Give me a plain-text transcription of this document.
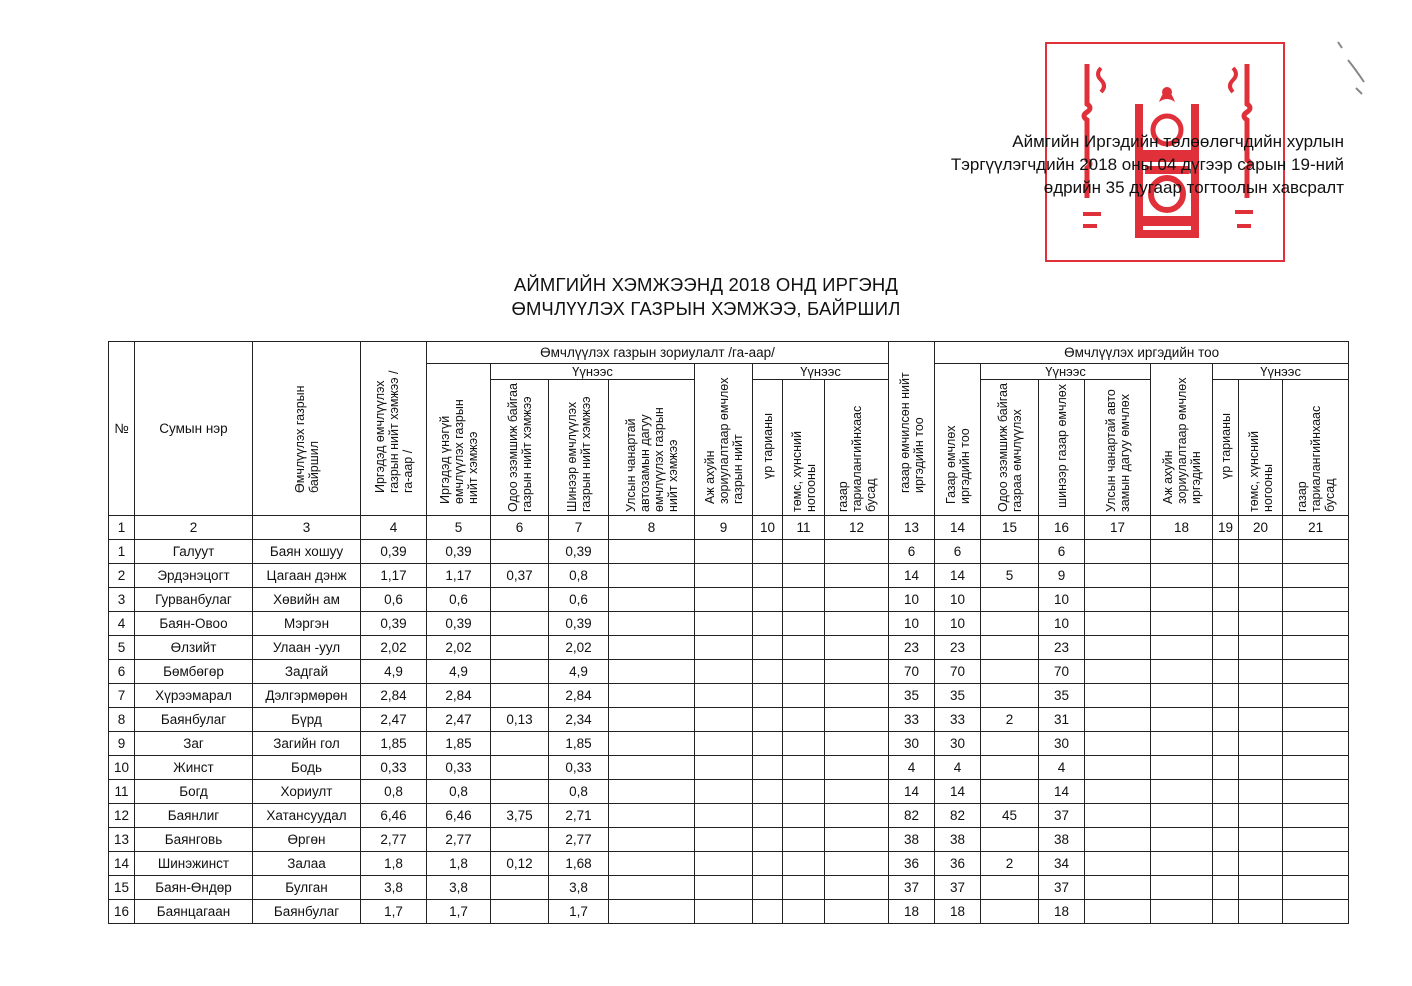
Аймгийн Иргэдийн төлөөлөгчдийн хурлын
Тэргүүлэгчдийн 2018 оны 04 дүгээр сарын 19-ний
өдрийн 35 дугаар тогтоолын хавсралт
АЙМГИЙН ХЭМЖЭЭНД 2018 ОНД ИРГЭНД
ӨМЧЛҮҮЛЭХ ГАЗРЫН ХЭМЖЭЭ, БАЙРШИЛ
№	Сумын нэр	Өмчлүүлэх газрын байршил	Иргэдэд өмчлүүлэх газрын нийт хэмжээ /га-аар /	Өмчлүүлэх газрын зориулалт /га-аар/								газар өмчилсөн нийт иргэдийн тоо	Өмчлүүлэх иргэдийн тоо							
				Иргэдэд үнэгүй өмчлүүлэх газрын нийт хэмжээ	Үүнээс			Аж ахуйн зориулалтаар өмчлөх газрын нийт	Үүнээс				Газар өмчлөх иргэдийн тоо	Үүнээс			Аж ахуйн зориулалтаар өмчлөх иргэдийн	Үүнээс		
					Одоо эзэмшиж байгаа газрын нийт хэмжээ	Шинээр өмчлүүлэх газрын нийт хэмжээ	Улсын чанартай автозамын дагуу өмчлүүлэх газрын нийт хэмжээ		үр тарианы	төмс, хүнсний ногооны	газар тариалангийнхаас бусад			Одоо эзэмшиж байгаа газраа өмчлүүлэх	шинээр газар өмчлөх	Улсын чанартай авто замын дагуу өмчлөх		үр тарианы	төмс, хүнсний ногооны	газар тариалангийнхаас бусад
1	2	3	4	5	6	7	8	9	10	11	12	13	14	15	16	17	18	19	20	21
1	Галуут	Баян хошуу	0,39	0,39		0,39						6	6		6					
2	Эрдэнэцогт	Цагаан дэнж	1,17	1,17	0,37	0,8						14	14	5	9					
3	Гурванбулаг	Хөвийн ам	0,6	0,6		0,6						10	10		10					
4	Баян-Овоо	Мэргэн	0,39	0,39		0,39						10	10		10					
5	Өлзийт	Улаан -уул	2,02	2,02		2,02						23	23		23					
6	Бөмбөгөр	Задгай	4,9	4,9		4,9						70	70		70					
7	Хүрээмарал	Дэлгэрмөрөн	2,84	2,84		2,84						35	35		35					
8	Баянбулаг	Бүрд	2,47	2,47	0,13	2,34						33	33	2	31					
9	Заг	Загийн гол	1,85	1,85		1,85						30	30		30					
10	Жинст	Бодь	0,33	0,33		0,33						4	4		4					
11	Богд	Хориулт	0,8	0,8		0,8						14	14		14					
12	Баянлиг	Хатансуудал	6,46	6,46	3,75	2,71						82	82	45	37					
13	Баянговь	Өргөн	2,77	2,77		2,77						38	38		38					
14	Шинэжинст	Залаа	1,8	1,8	0,12	1,68						36	36	2	34					
15	Баян-Өндөр	Булган	3,8	3,8		3,8						37	37		37					
16	Баянцагаан	Баянбулаг	1,7	1,7		1,7						18	18		18					
